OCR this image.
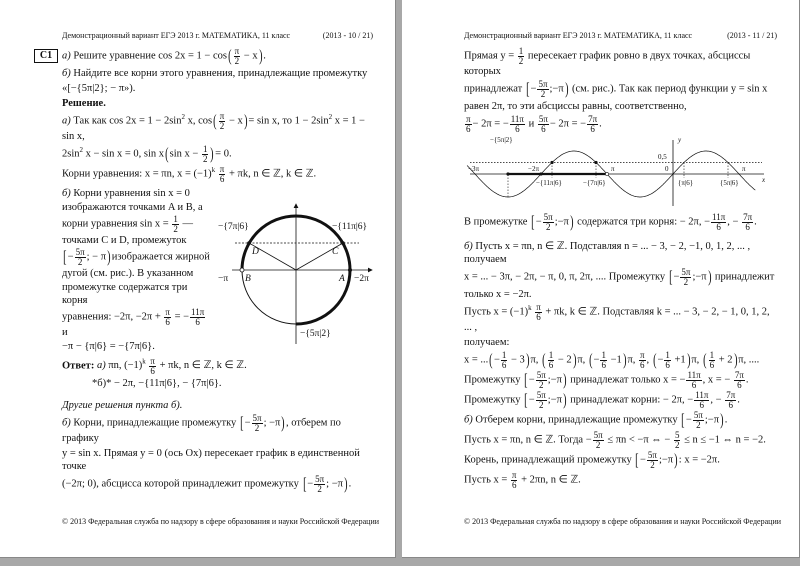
Демонстрационный вариант ЕГЭ 2013 г. МАТЕМАТИКА, 11 класс	(2013 - 10 / 21)
C1 а) Решите уравнение $\cos 2x = 1 - \cos( \frac{\pi}{2} - x)$.
б) Найдите все корни этого уравнения, принадлежащие промежутку
«[−{5π|2}; − π»).
Решение.
а) Так как $\cos 2x = 1 - 2\sin^2$ x, $\cos( \frac{\pi}{2} - x)= \sin x$, то $1 - 2\sin^2$ x = 1 − sin x,
$2\sin^2$ x − sin x = 0, sin x(sin $x - \frac{1}{2}$ )= 0.
Корни уравнения: x = πn, $x = (-1)^k \frac{\pi}{6} + \pi k$, n ∈ ℤ, k ∈ ℤ.
б) Корни уравнения sin x = 0
изображаются точками A и B, а
корни уравнения $\sin x = \frac{1}{2}$ —
точками C и D, промежуток
[− $\frac{5\pi}{2}$ ; − π)изображается жирной
дугой (см. рис.). В указанном
промежутке содержатся три корня
уравнения: −2π, $-2\pi + \frac{\pi}{6}$ = − $\frac{11\pi}{6}$
и
−π − {π|6} = −{7π|6}.
−{7π|6}	−{11π|6}
D	C
−π B	A −2π
−{5π|2}
Ответ: а) πn, $(-1)^k \frac{\pi}{6} + \pi k$, n ∈ ℤ, k ∈ ℤ.
*б)* − 2π, −{11π|6}, − {7π|6}.
Другие решения пункта б).
б) Корни, принадлежащие промежутку [− $\frac{5\pi}{2}$ ; −π), отберем по графику
y = sin x. Прямая y = 0 (ось Ox) пересекает график в единственной точке
(−2π; 0), абсцисса которой принадлежит промежутку [− $\frac{5\pi}{2}$ ; −π).
© 2013 Федеральная служба по надзору в сфере образования и науки Российской Федерации
Демонстрационный вариант ЕГЭ 2013 г. МАТЕМАТИКА, 11 класс	(2013 - 11 / 21)
Прямая $y = \frac{1}{2}$ пересекает график ровно в двух точках, абсциссы которых
принадлежат [− $\frac{5\pi}{2}$ ;−π) (см. рис.). Так как период функции y = sin x
равен 2π, то эти абсциссы равны, соответственно,
$\frac{\pi}{6} - 2\pi$ = − $\frac{11\pi}{6}$ и $\frac{5\pi}{6} - 2\pi$ = − $\frac{7\pi}{6}$ .
y
−{5π|2}
0,5
−3π	−2π	π	0	π
x
−{11π|6}	−{7π|6}	{π|6}	{5π|6}
В промежутке [− $\frac{5\pi}{2}$ ;−π) содержатся три корня: − 2π, − $\frac{11\pi}{6}$ , − $\frac{7\pi}{6}$ .
б) Пусть x = πn, n ∈ ℤ. Подставляя n = ... − 3, − 2, −1, 0, 1, 2, ... , получаем
x = ... − 3π, − 2π, − π, 0, π, 2π, .... Промежутку [− $\frac{5\pi}{2}$ ;−π) принадлежит
только x = −2π.
Пусть $x = (-1)^k \frac{\pi}{6} + \pi k$, k ∈ ℤ. Подставляя k = ... − 3, − 2, − 1, 0, 1, 2, ... ,
получаем:
x = ...(− $\frac{1}{6} - 3)\pi$, ( $\frac{1}{6} - 2)\pi$, (− $\frac{1}{6} -1)\pi$, $\frac{\pi}{6}$ , (− $\frac{1}{6} +1)\pi$, ( $\frac{1}{6} + 2)\pi$, ....
Промежутку [− $\frac{5\pi}{2}$ ;−π) принадлежат только x = − $\frac{11\pi}{6}$ , x = − $\frac{7\pi}{6}$ .
Промежутку [− $\frac{5\pi}{2}$ ;−π) принадлежат корни: − 2π, − $\frac{11\pi}{6}$ , − $\frac{7\pi}{6}$ .
б) Отберем корни, принадлежащие промежутку [− $\frac{5\pi}{2}$ ;−π).
Пусть x = πn, n ∈ ℤ. Тогда − $\frac{5\pi}{2} \le \pi n < -\pi$ ⇔ − $\frac{5}{2} \le n \le -1$ ⇔ n = −2.
Корень, принадлежащий промежутку [− $\frac{5\pi}{2}$ ;−π): x = −2π.
Пусть $x = \frac{\pi}{6} + 2\pi n$, n ∈ ℤ.
© 2013 Федеральная служба по надзору в сфере образования и науки Российской Федерации
